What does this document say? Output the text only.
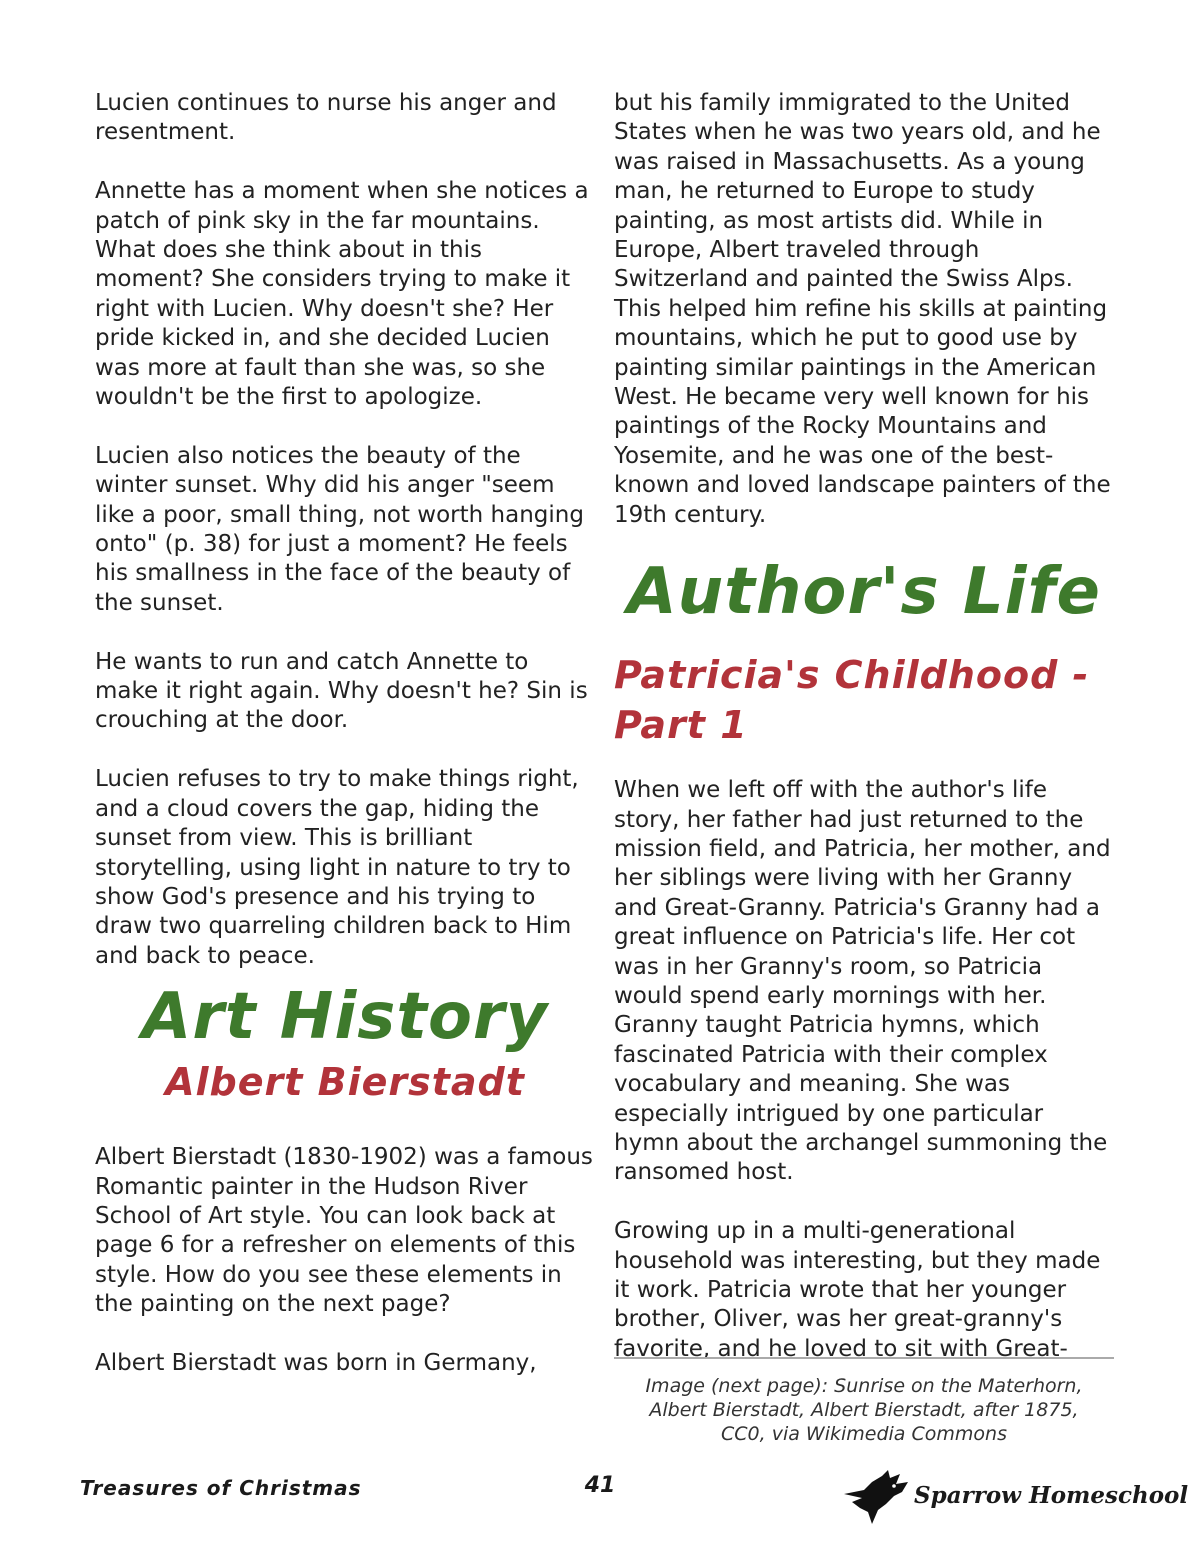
Lucien continues to nurse his anger and resentment.

Annette has a moment when she notices a patch of pink sky in the far mountains. What does she think about in this moment? She considers trying to make it right with Lucien. Why doesn't she? Her pride kicked in, and she decided Lucien was more at fault than she was, so she wouldn't be the first to apologize.

Lucien also notices the beauty of the winter sunset. Why did his anger "seem like a poor, small thing, not worth hanging onto" (p. 38) for just a moment? He feels his smallness in the face of the beauty of the sunset.

He wants to run and catch Annette to make it right again. Why doesn't he? Sin is crouching at the door.

Lucien refuses to try to make things right, and a cloud covers the gap, hiding the sunset from view. This is brilliant storytelling, using light in nature to try to show God's presence and his trying to draw two quarreling children back to Him and back to peace.

Art History
Albert Bierstadt

Albert Bierstadt (1830-1902) was a famous Romantic painter in the Hudson River School of Art style. You can look back at page 6 for a refresher on elements of this style. How do you see these elements in the painting on the next page?

Albert Bierstadt was born in Germany,

but his family immigrated to the United States when he was two years old, and he was raised in Massachusetts. As a young man, he returned to Europe to study painting, as most artists did. While in Europe, Albert traveled through Switzerland and painted the Swiss Alps. This helped him refine his skills at painting mountains, which he put to good use by painting similar paintings in the American West. He became very well known for his paintings of the Rocky Mountains and Yosemite, and he was one of the best-known and loved landscape painters of the 19th century.

Author's Life
Patricia's Childhood - Part 1

When we left off with the author's life story, her father had just returned to the mission field, and Patricia, her mother, and her siblings were living with her Granny and Great-Granny. Patricia's Granny had a great influence on Patricia's life. Her cot was in her Granny's room, so Patricia would spend early mornings with her. Granny taught Patricia hymns, which fascinated Patricia with their complex vocabulary and meaning. She was especially intrigued by one particular hymn about the archangel summoning the ransomed host.

Growing up in a multi-generational household was interesting, but they made it work. Patricia wrote that her younger brother, Oliver, was her great-granny's favorite, and he loved to sit with Great-

Image (next page): Sunrise on the Materhorn,
Albert Bierstadt, Albert Bierstadt, after 1875,
CC0, via Wikimedia Commons
Treasures of Christmas	41	Sparrow Homeschool
